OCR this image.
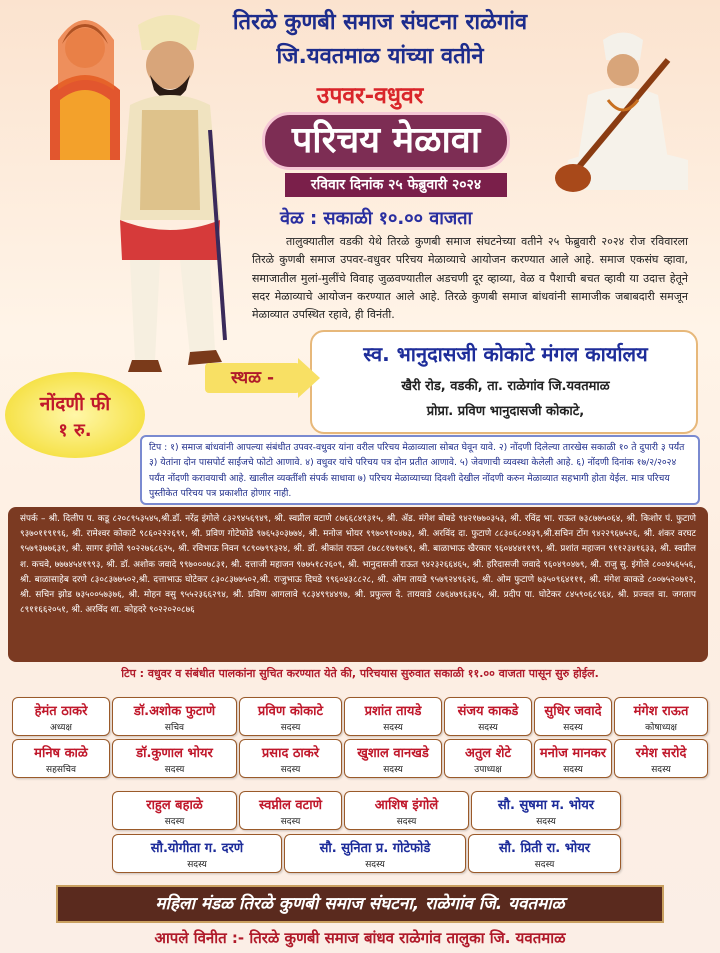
तिरळे कुणबी समाज संघटना राळेगांव
जि.यवतमाळ यांच्या वतीने
उपवर-वधुवर
परिचय मेळावा
रविवार दिनांक २५ फेब्रुवारी २०२४
वेळ : सकाळी १०.०० वाजता
तालुक्यातील वडकी येथे तिरळे कुणबी समाज संघटनेच्या वतीने २५ फेब्रुवारी २०२४ रोज रविवारला तिरळे कुणबी समाज उपवर-वधुवर परिचय मेळाव्याचे आयोजन करण्यात आले आहे. समाज एकसंघ व्हावा, समाजातील मुलां-मुलींचे विवाह जुळवण्यातील अडचणी दूर व्हाव्या, वेळ व पैशाची बचत व्हावी या उदात्त हेतूने सदर मेळाव्याचे आयोजन करण्यात आले आहे. तिरळे कुणबी समाज बांधवांनी सामाजीक जबाबदारी समजून मेळाव्यात उपस्थित रहावे, ही विनंती.
स्थळ -
स्व. भानुदासजी कोकाटे मंगल कार्यालय
खैरी रोड, वडकी, ता. राळेगांव जि.यवतमाळ
प्रोप्रा. प्रविण भानुदासजी कोकाटे,
नोंदणी फी
१ रु.
टिप : १) समाज बांधवांनी आपल्या संबंधीत उपवर-वधुवर यांना वरील परिचय मेळाव्याला सोबत घेवून यावे. २) नोंदणी दिलेल्या तारखेस सकाळी १० ते दुपारी ३ पर्यंत ३) येतांना दोन पासपोर्ट साईजचे फोटो आणावे. ४) वधुवर यांचे परिचय पत्र दोन प्रतीत आणावे. ५) जेवणाची व्यवस्था केलेली आहे. ६) नोंदणी दिनांक १७/२/२०२४ पर्यंत नोंदणी करावयाची आहे. खालील व्यक्तींशी संपर्क साधावा ७) परिचय मेळाव्याच्या दिवशी देखील नोंदणी करुन मेळाव्यात सहभागी होता येईल. मात्र परिचय पुस्तीकेत परिचय पत्र प्रकाशीत होणार नाही.
संपर्क – श्री. दिलीप प. कडू ८२०८९५३५४५,श्री.डॉ. नरेंद्र इंगोले ८३२९४५६९४९, श्री. स्वप्नील वटाणे ८७६६८४१३१५, श्री. ॲड. मंगेश बोबडे ९४२१७७०३५३, श्री. रविंद्र भा. राऊत ७३८७७५०६४, श्री. किशोर पं. फुटाणे ९३७०११९१९६, श्री. रामेश्वर कोकाटे ९८६०२२२६९१, श्री. प्रविण गोटेफोडे ९७६५३०३७७४, श्री. मनोज भोयर ९९७०९१०४७३, श्री. अरविंद दा. फुटाणे ८८३०६८०४३९,श्री.सचिन टोंग ९४२२९६७५२६, श्री. शंकर वरघट ९५७९३७७६३१, श्री. सागर इंगोले ९०२२७६८६२५, श्री. रविभाऊ निवन ९८९०७९९३२४, श्री. डॉ. श्रीकांत राऊत ८७८८१७१७६९, श्री. बाळाभाऊ खैरकार ९६०४४४११९९, श्री. प्रशांत महाजन ९११२३४१६३३, श्री. स्वप्नील श. कचवे, ७७७४५४१९९३, श्री. डॉ. अशोक जवादे ९९७०००७८३१, श्री. दत्ताजी महाजन ९७७५१८२६०९, श्री. भानुदासजी राऊत ९४२३२६६४६५, श्री. हरिदासजी जवादे ९६०४९०४७९, श्री. राजु सु. इंगोले ८००४५६५५६, श्री. बाळासाहेब दरणे ८३०८३७७५०२,श्री. दत्ताभाऊ घोटेकर ८३०८३७७५०२,श्री. राजुभाऊ दिघडे ९९६०४३८८२८, श्री. ओम तायडे ९५७९२४९६२६, श्री. ओम फुटाणे ७३५०९६४१११, श्री. मंगेश काकडे ८००७५२०७१२, श्री. सचिन झोड ७३५००५७३७६, श्री. मोहन वसु ९५५२३६६२९४, श्री. प्रविण आगलावे ९८३४९९४४९७, श्री. प्रफुल्ल दे. तायवाडे ८७६४७९६३६५, श्री. प्रदीप पा. घोटेकर ८४५९०६८९६४, श्री. प्रज्वल वा. जगताप ८९११६६२०५१, श्री. अरविंद शा. कोहदरे ९०२२०२०८७६
टिप : वधुवर व संबंधीत पालकांना सुचित करण्यात येते की, परिचयास सुरुवात सकाळी ११.०० वाजता पासून सुरु होईल.
हेमंत ठाकरे
अध्यक्ष
डॉ.अशोक फुटाणे
सचिव
प्रविण कोकाटे
सदस्य
प्रशांत तायडे
सदस्य
संजय काकडे
सदस्य
सुधिर जवादे
सदस्य
मंगेश राऊत
कोषाध्यक्ष
मनिष काळे
सहसचिव
डॉ.कुणाल भोयर
सदस्य
प्रसाद ठाकरे
सदस्य
खुशाल वानखडे
सदस्य
अतुल शेटे
उपाध्यक्ष
मनोज मानकर
सदस्य
रमेश सरोदे
सदस्य
राहुल बहाळे
सदस्य
स्वप्नील वटाणे
सदस्य
आशिष इंगोले
सदस्य
सौ. सुषमा म. भोयर
सदस्य
सौ.योगीता ग. दरणे
सदस्य
सौ. सुनिता प्र. गोटेफोडे
सदस्य
सौ. प्रिती रा. भोयर
सदस्य
महिला मंडळ तिरळे कुणबी समाज संघटना, राळेगांव जि. यवतमाळ
आपले विनीत :- तिरळे कुणबी समाज बांधव राळेगांव तालुका जि. यवतमाळ
